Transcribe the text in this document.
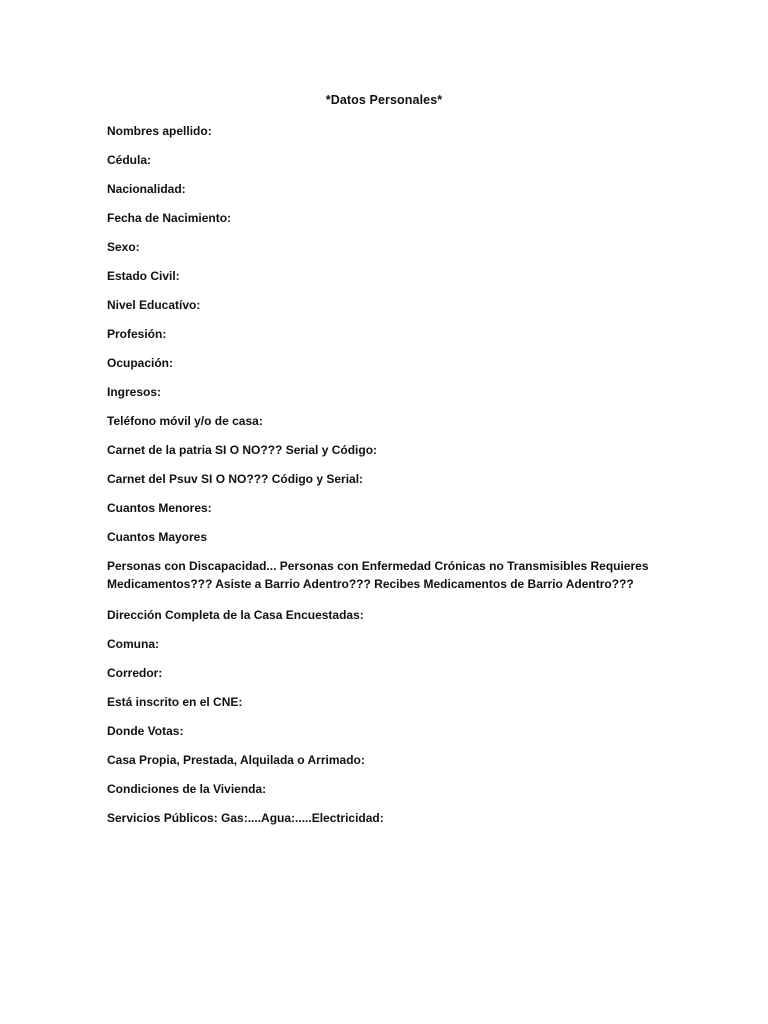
*Datos Personales*
Nombres apellido:
Cédula:
Nacionalidad:
Fecha de Nacimiento:
Sexo:
Estado Civil:
Nivel Educatívo:
Profesión:
Ocupación:
Ingresos:
Teléfono móvil y/o de casa:
Carnet de la patria SI O NO??? Serial y Código:
Carnet del Psuv SI O NO??? Código y Serial:
Cuantos Menores:
Cuantos Mayores
Personas con Discapacidad... Personas con Enfermedad Crónicas no Transmisibles Requieres Medicamentos??? Asiste a Barrio Adentro??? Recibes Medicamentos de Barrio Adentro???
Dirección Completa de la Casa Encuestadas:
Comuna:
Corredor:
Está inscrito en el CNE:
Donde Votas:
Casa Propia, Prestada, Alquilada o Arrimado:
Condiciones de la Vivienda:
Servicios Públicos: Gas:....Agua:.....Electricidad:
